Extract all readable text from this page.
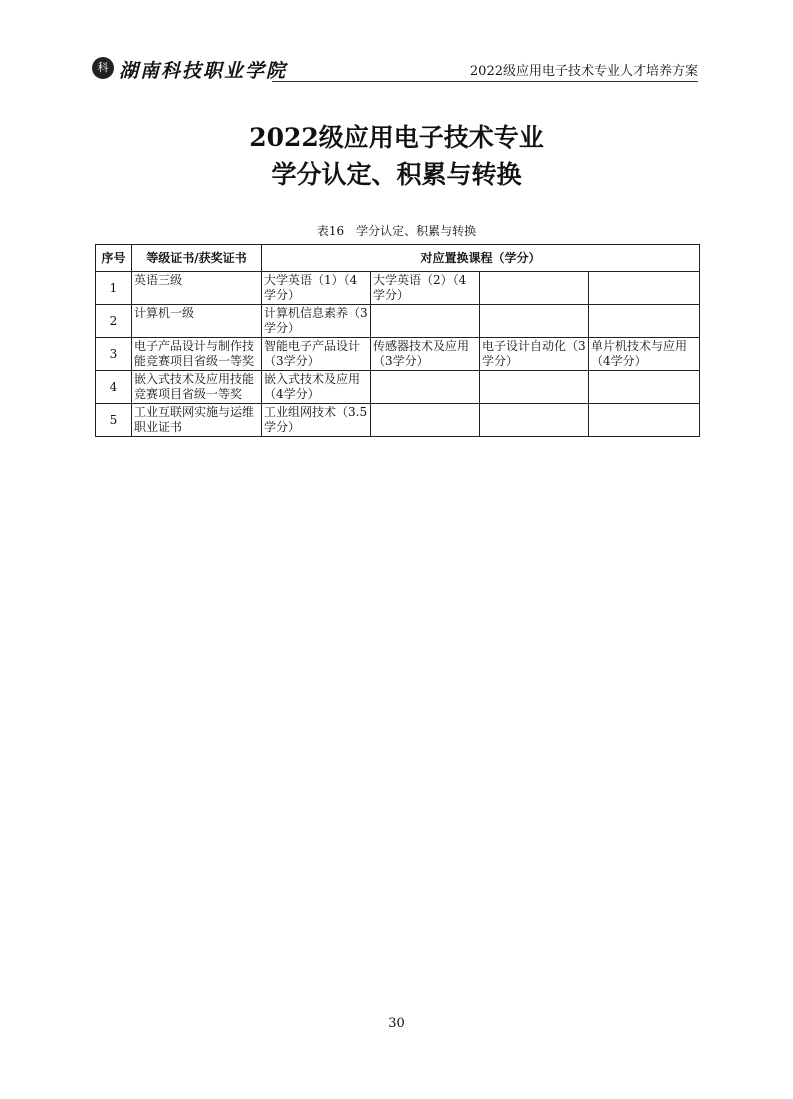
科 湖南科技职业学院	2022级应用电子技术专业人才培养方案
2022级应用电子技术专业
学分认定、积累与转换
表16　学分认定、积累与转换
序号	等级证书/获奖证书	对应置换课程（学分）			
1	英语三级	大学英语（1）（4学分）	大学英语（2）（4学分）		
2	计算机一级	计算机信息素养（3学分）			
3	电子产品设计与制作技能竞赛项目省级一等奖	智能电子产品设计（3学分）	传感器技术及应用（3学分）	电子设计自动化（3学分）	单片机技术与应用（4学分）
4	嵌入式技术及应用技能竞赛项目省级一等奖	嵌入式技术及应用（4学分）			
5	工业互联网实施与运维职业证书	工业组网技术（3.5学分）			
30
